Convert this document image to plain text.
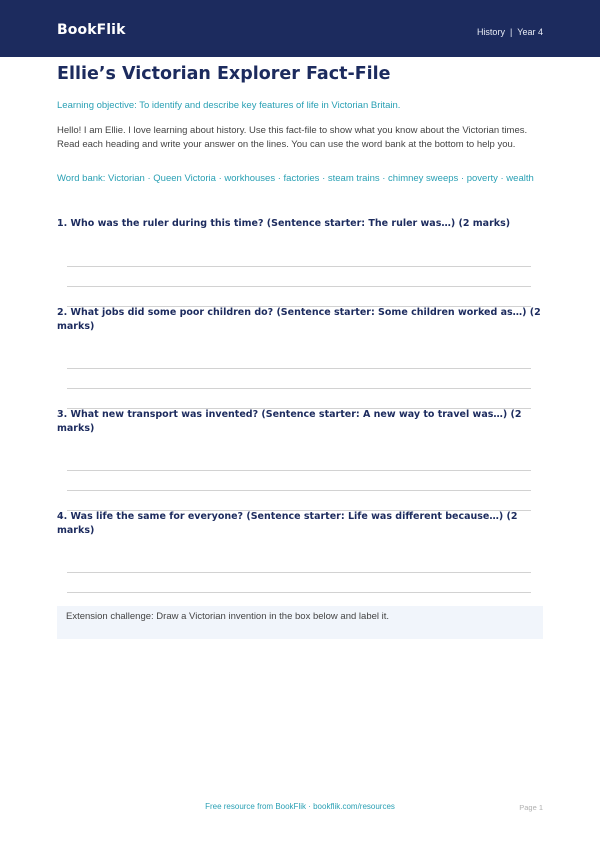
BookFlik	History | Year 4
Ellie’s Victorian Explorer Fact-File
Learning objective: To identify and describe key features of life in Victorian Britain.
Hello! I am Ellie. I love learning about history. Use this fact-file to show what you know about the Victorian times. Read each heading and write your answer on the lines. You can use the word bank at the bottom to help you.
Word bank: Victorian · Queen Victoria · workhouses · factories · steam trains · chimney sweeps · poverty · wealth
1. Who was the ruler during this time? (Sentence starter: The ruler was…) (2 marks)
2. What jobs did some poor children do? (Sentence starter: Some children worked as…) (2 marks)
3. What new transport was invented? (Sentence starter: A new way to travel was…) (2 marks)
4. Was life the same for everyone? (Sentence starter: Life was different because…) (2 marks)
Extension challenge: Draw a Victorian invention in the box below and label it.
Free resource from BookFlik · bookflik.com/resources	Page 1
